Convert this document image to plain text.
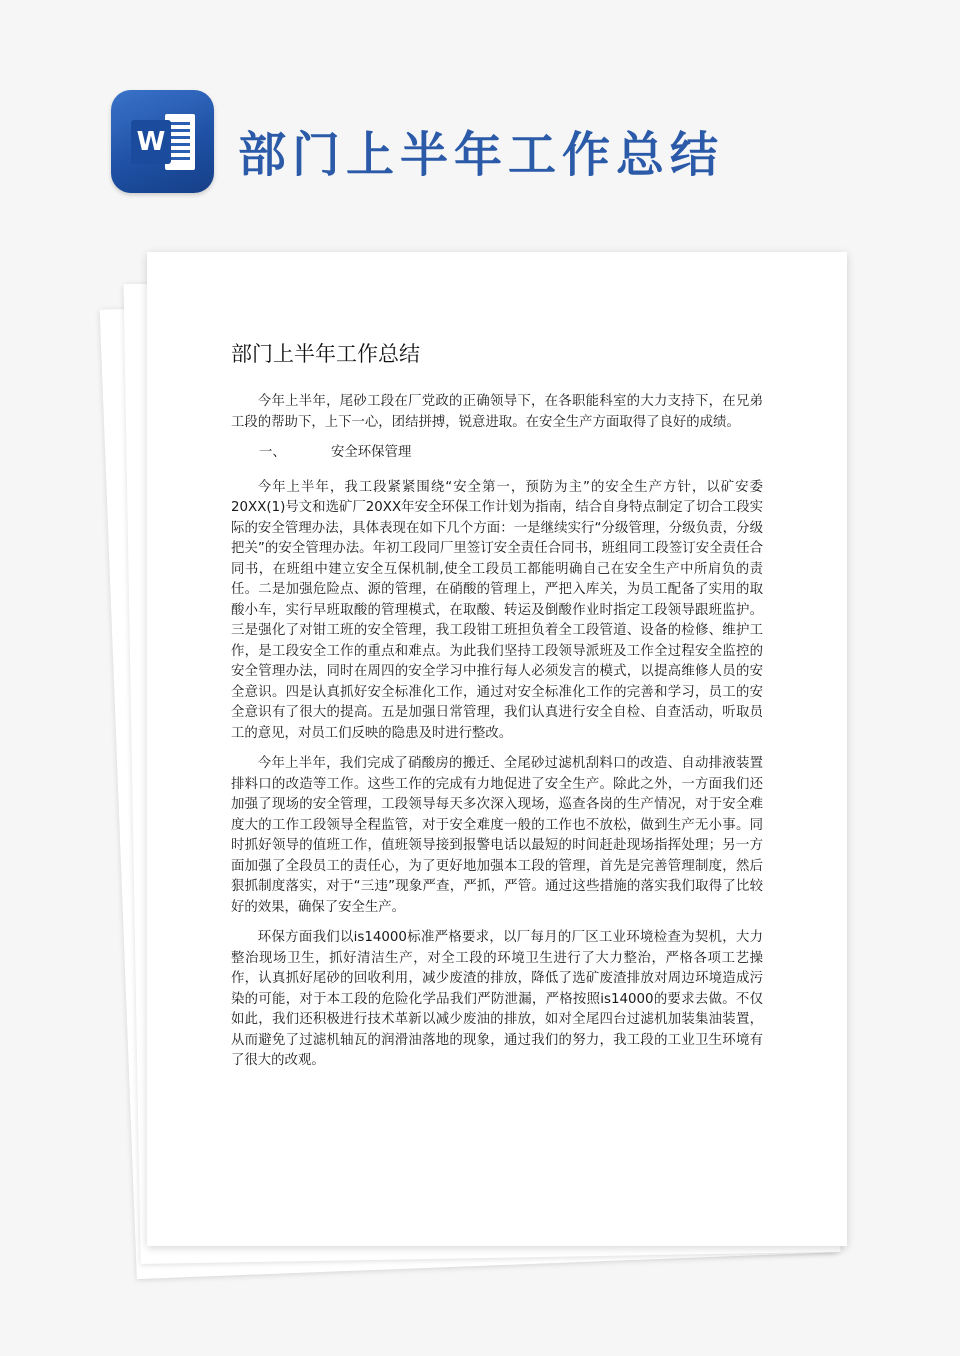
W 部门上半年工作总结
部门上半年工作总结

今年上半年，尾砂工段在厂党政的正确领导下，在各职能科室的大力支持下，在兄弟工段的帮助下，上下一心，团结拼搏，锐意进取。在安全生产方面取得了良好的成绩。

一、	安全环保管理

今年上半年，我工段紧紧围绕“安全第一，预防为主”的安全生产方针，以矿安委20XX(1)号文和选矿厂20XX年安全环保工作计划为指南，结合自身特点制定了切合工段实际的安全管理办法，具体表现在如下几个方面：一是继续实行“分级管理，分级负责，分级把关”的安全管理办法。年初工段同厂里签订安全责任合同书，班组同工段签订安全责任合同书，在班组中建立安全互保机制,使全工段员工都能明确自己在安全生产中所肩负的责任。二是加强危险点、源的管理，在硝酸的管理上，严把入库关，为员工配备了实用的取酸小车，实行早班取酸的管理模式，在取酸、转运及倒酸作业时指定工段领导跟班监护。三是强化了对钳工班的安全管理，我工段钳工班担负着全工段管道、设备的检修、维护工作，是工段安全工作的重点和难点。为此我们坚持工段领导派班及工作全过程安全监控的安全管理办法，同时在周四的安全学习中推行每人必须发言的模式，以提高维修人员的安全意识。四是认真抓好安全标准化工作，通过对安全标准化工作的完善和学习，员工的安全意识有了很大的提高。五是加强日常管理，我们认真进行安全自检、自查活动，听取员工的意见，对员工们反映的隐患及时进行整改。

今年上半年，我们完成了硝酸房的搬迁、全尾砂过滤机刮料口的改造、自动排液装置排料口的改造等工作。这些工作的完成有力地促进了安全生产。除此之外，一方面我们还加强了现场的安全管理，工段领导每天多次深入现场，巡查各岗的生产情况，对于安全难度大的工作工段领导全程监管，对于安全难度一般的工作也不放松，做到生产无小事。同时抓好领导的值班工作，值班领导接到报警电话以最短的时间赶赴现场指挥处理；另一方面加强了全段员工的责任心，为了更好地加强本工段的管理，首先是完善管理制度，然后狠抓制度落实，对于“三违”现象严查，严抓，严管。通过这些措施的落实我们取得了比较好的效果，确保了安全生产。

环保方面我们以is14000标准严格要求，以厂每月的厂区工业环境检查为契机，大力整治现场卫生，抓好清洁生产，对全工段的环境卫生进行了大力整治，严格各项工艺操作，认真抓好尾砂的回收利用，减少废渣的排放，降低了选矿废渣排放对周边环境造成污染的可能，对于本工段的危险化学品我们严防泄漏，严格按照is14000的要求去做。不仅如此，我们还积极进行技术革新以减少废油的排放，如对全尾四台过滤机加装集油装置，从而避免了过滤机轴瓦的润滑油落地的现象，通过我们的努力，我工段的工业卫生环境有了很大的改观。
